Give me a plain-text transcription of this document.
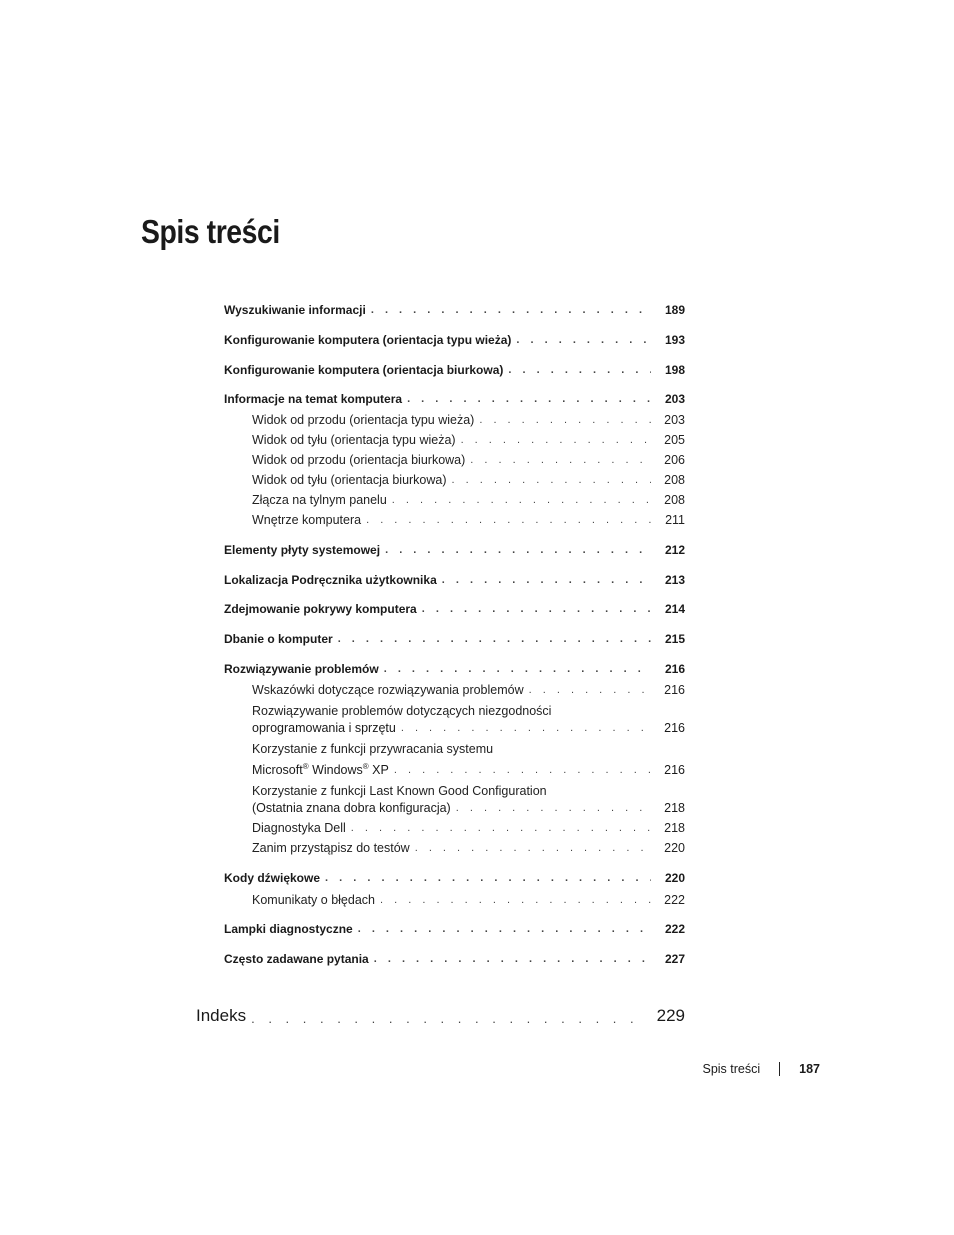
Spis treści
Wyszukiwanie informacji . . .	189
Konfigurowanie komputera (orientacja typu wieża) . . .	193
Konfigurowanie komputera (orientacja biurkowa) . . .	198
Informacje na temat komputera . . .	203
Widok od przodu (orientacja typu wieża) . . .	203
Widok od tyłu (orientacja typu wieża) . . .	205
Widok od przodu (orientacja biurkowa) . . .	206
Widok od tyłu (orientacja biurkowa) . . .	208
Złącza na tylnym panelu . . .	208
Wnętrze komputera . . .	211
Elementy płyty systemowej . . .	212
Lokalizacja Podręcznika użytkownika . . .	213
Zdejmowanie pokrywy komputera . . .	214
Dbanie o komputer . . .	215
Rozwiązywanie problemów . . .	216
Wskazówki dotyczące rozwiązywania problemów . . .	216
Rozwiązywanie problemów dotyczących niezgodności
oprogramowania i sprzętu . . .	216
Korzystanie z funkcji przywracania systemu
Microsoft® Windows® XP . . .	216
Korzystanie z funkcji Last Known Good Configuration
(Ostatnia znana dobra konfiguracja) . . .	218
Diagnostyka Dell . . .	218
Zanim przystąpisz do testów . . .	220
Kody dźwiękowe . . .	220
Komunikaty o błędach . . .	222
Lampki diagnostyczne . . .	222
Często zadawane pytania . . .	227
Indeks . . .	229
Spis treści	187
